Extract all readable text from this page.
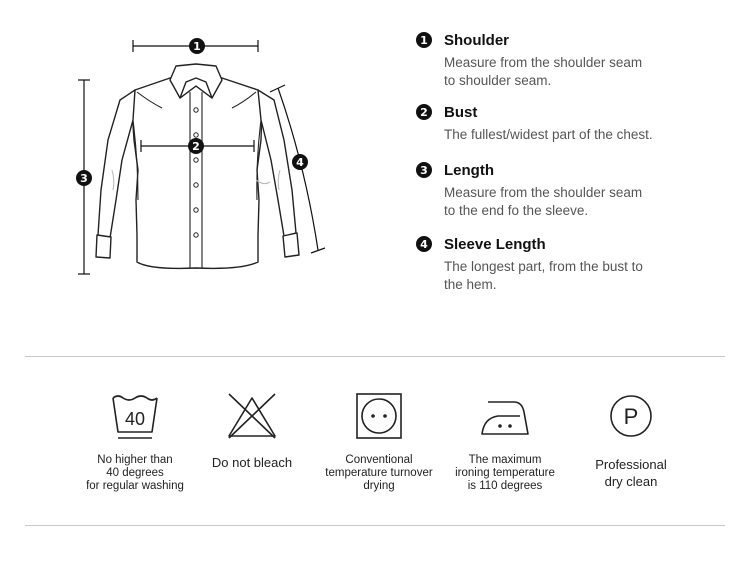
1
2
3
4
1 Shoulder
Measure from the shoulder seam
to shoulder seam.
2 Bust
The fullest/widest part of the chest.
3 Length
Measure from the shoulder seam
to the end fo the sleeve.
4 Sleeve Length
The longest part, from the bust to
the hem.
40
No higher than
40 degrees
for regular washing
Do not bleach	Conventional
temperature turnover
drying
The maximum
ironing temperature
is 110 degrees
P
Professional
dry clean
